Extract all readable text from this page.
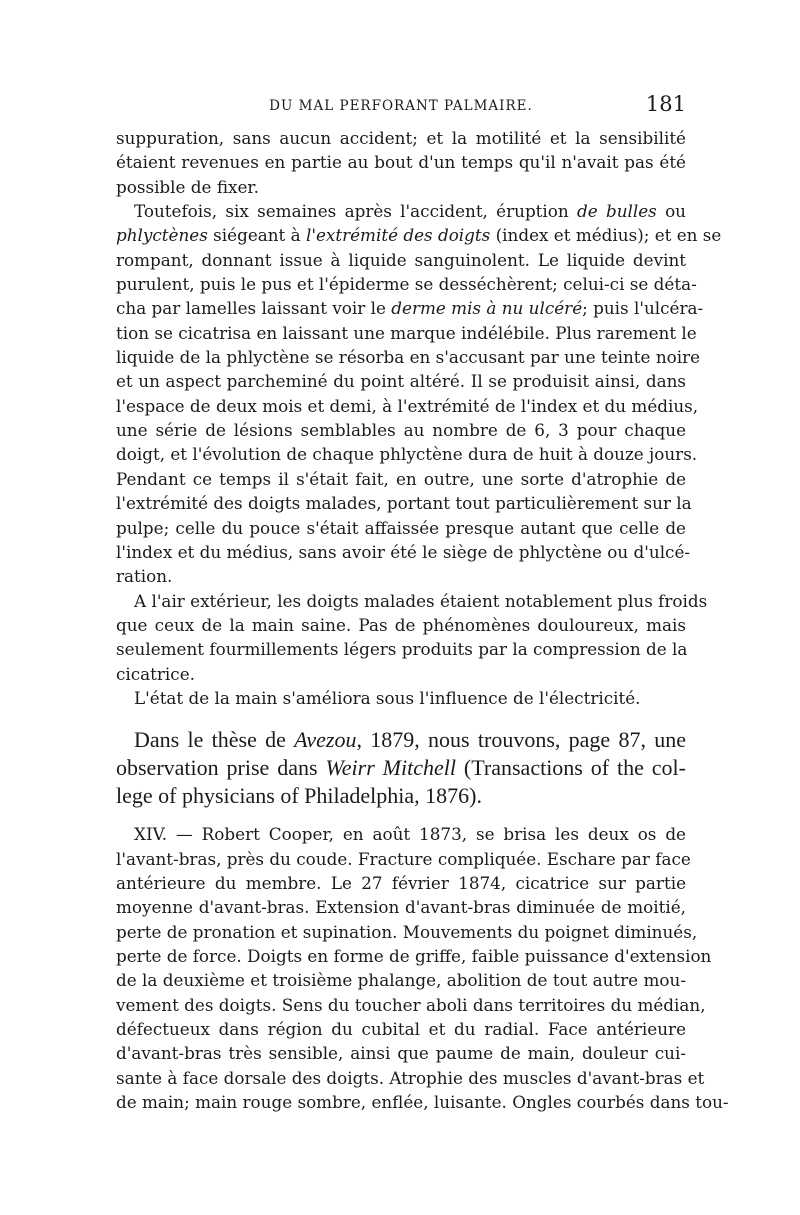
DU MAL PERFORANT PALMAIRE.	181
suppuration, sans aucun accident; et la motilité et la sensibilité
étaient revenues en partie au bout d'un temps qu'il n'avait pas été
possible de fixer.
Toutefois, six semaines après l'accident, éruption de bulles ou
phlyctènes siégeant à l'extrémité des doigts (index et médius); et en se
rompant, donnant issue à liquide sanguinolent. Le liquide devint
purulent, puis le pus et l'épiderme se desséchèrent; celui-ci se déta-
cha par lamelles laissant voir le derme mis à nu ulcéré; puis l'ulcéra-
tion se cicatrisa en laissant une marque indélébile. Plus rarement le
liquide de la phlyctène se résorba en s'accusant par une teinte noire
et un aspect parcheminé du point altéré. Il se produisit ainsi, dans
l'espace de deux mois et demi, à l'extrémité de l'index et du médius,
une série de lésions semblables au nombre de 6, 3 pour chaque
doigt, et l'évolution de chaque phlyctène dura de huit à douze jours.
Pendant ce temps il s'était fait, en outre, une sorte d'atrophie de
l'extrémité des doigts malades, portant tout particulièrement sur la
pulpe; celle du pouce s'était affaissée presque autant que celle de
l'index et du médius, sans avoir été le siège de phlyctène ou d'ulcé-
ration.
A l'air extérieur, les doigts malades étaient notablement plus froids
que ceux de la main saine. Pas de phénomènes douloureux, mais
seulement fourmillements légers produits par la compression de la
cicatrice.
L'état de la main s'améliora sous l'influence de l'électricité.
Dans le thèse de Avezou, 1879, nous trouvons, page 87, une
observation prise dans Weirr Mitchell (Transactions of the col-
lege of physicians of Philadelphia, 1876).
XIV. — Robert Cooper, en août 1873, se brisa les deux os de
l'avant-bras, près du coude. Fracture compliquée. Eschare par face
antérieure du membre. Le 27 février 1874, cicatrice sur partie
moyenne d'avant-bras. Extension d'avant-bras diminuée de moitié,
perte de pronation et supination. Mouvements du poignet diminués,
perte de force. Doigts en forme de griffe, faible puissance d'extension
de la deuxième et troisième phalange, abolition de tout autre mou-
vement des doigts. Sens du toucher aboli dans territoires du médian,
défectueux dans région du cubital et du radial. Face antérieure
d'avant-bras très sensible, ainsi que paume de main, douleur cui-
sante à face dorsale des doigts. Atrophie des muscles d'avant-bras et
de main; main rouge sombre, enflée, luisante. Ongles courbés dans tou-
